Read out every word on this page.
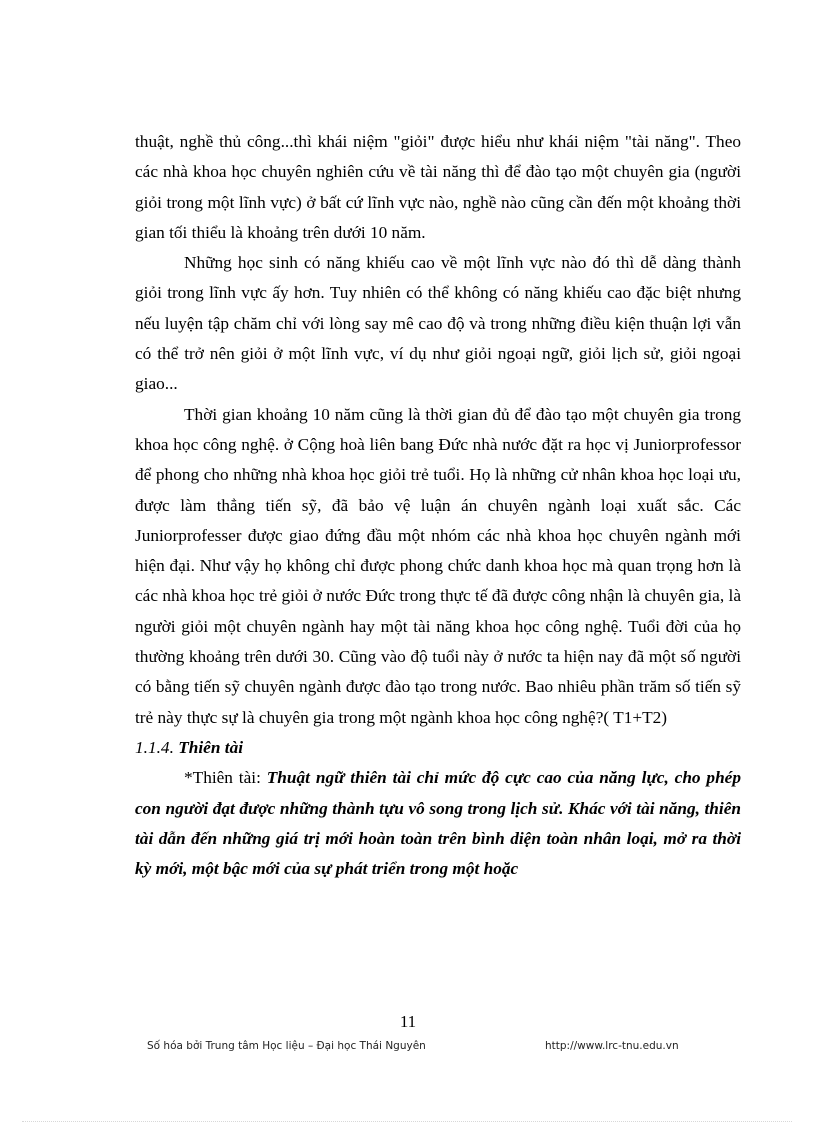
thuật, nghề thủ công...thì khái niệm "giỏi" được hiểu như khái niệm "tài năng". Theo các nhà khoa học chuyên nghiên cứu về tài năng thì để đào tạo một chuyên gia (người giỏi trong một lĩnh vực) ở bất cứ lĩnh vực nào, nghề nào cũng cần đến một khoảng thời gian tối thiểu là khoảng trên dưới 10 năm.

Những học sinh có năng khiếu cao về một lĩnh vực nào đó thì dễ dàng thành giỏi trong lĩnh vực ấy hơn. Tuy nhiên có thể không có năng khiếu cao đặc biệt nhưng nếu luyện tập chăm chỉ với lòng say mê cao độ và trong những điều kiện thuận lợi vẫn có thể trở nên giỏi ở một lĩnh vực, ví dụ như giỏi ngoại ngữ, giỏi lịch sử, giỏi ngoại giao...

Thời gian khoảng 10 năm cũng là thời gian đủ để đào tạo một chuyên gia trong khoa học công nghệ. ở Cộng hoà liên bang Đức nhà nước đặt ra học vị Juniorprofessor để phong cho những nhà khoa học giỏi trẻ tuổi. Họ là những cử nhân khoa học loại ưu, được làm thẳng tiến sỹ, đã bảo vệ luận án chuyên ngành loại xuất sắc. Các Juniorprofesser được giao đứng đầu một nhóm các nhà khoa học chuyên ngành mới hiện đại. Như vậy họ không chỉ được phong chức danh khoa học mà quan trọng hơn là các nhà khoa học trẻ giỏi ở nước Đức trong thực tế đã được công nhận là chuyên gia, là người giỏi một chuyên ngành hay một tài năng khoa học công nghệ. Tuổi đời của họ thường khoảng trên dưới 30. Cũng vào độ tuổi này ở nước ta hiện nay đã một số người có bằng tiến sỹ chuyên ngành được đào tạo trong nước. Bao nhiêu phần trăm số tiến sỹ trẻ này thực sự là chuyên gia trong một ngành khoa học công nghệ?( T1+T2)

1.1.4. Thiên tài

*Thiên tài: Thuật ngữ thiên tài chỉ mức độ cực cao của năng lực, cho phép con người đạt được những thành tựu vô song trong lịch sử. Khác với tài năng, thiên tài dẫn đến những giá trị mới hoàn toàn trên bình diện toàn nhân loại, mở ra thời kỳ mới, một bậc mới của sự phát triển trong một hoặc

11
Số hóa bởi Trung tâm Học liệu – Đại học Thái Nguyên	http://www.lrc-tnu.edu.vn
